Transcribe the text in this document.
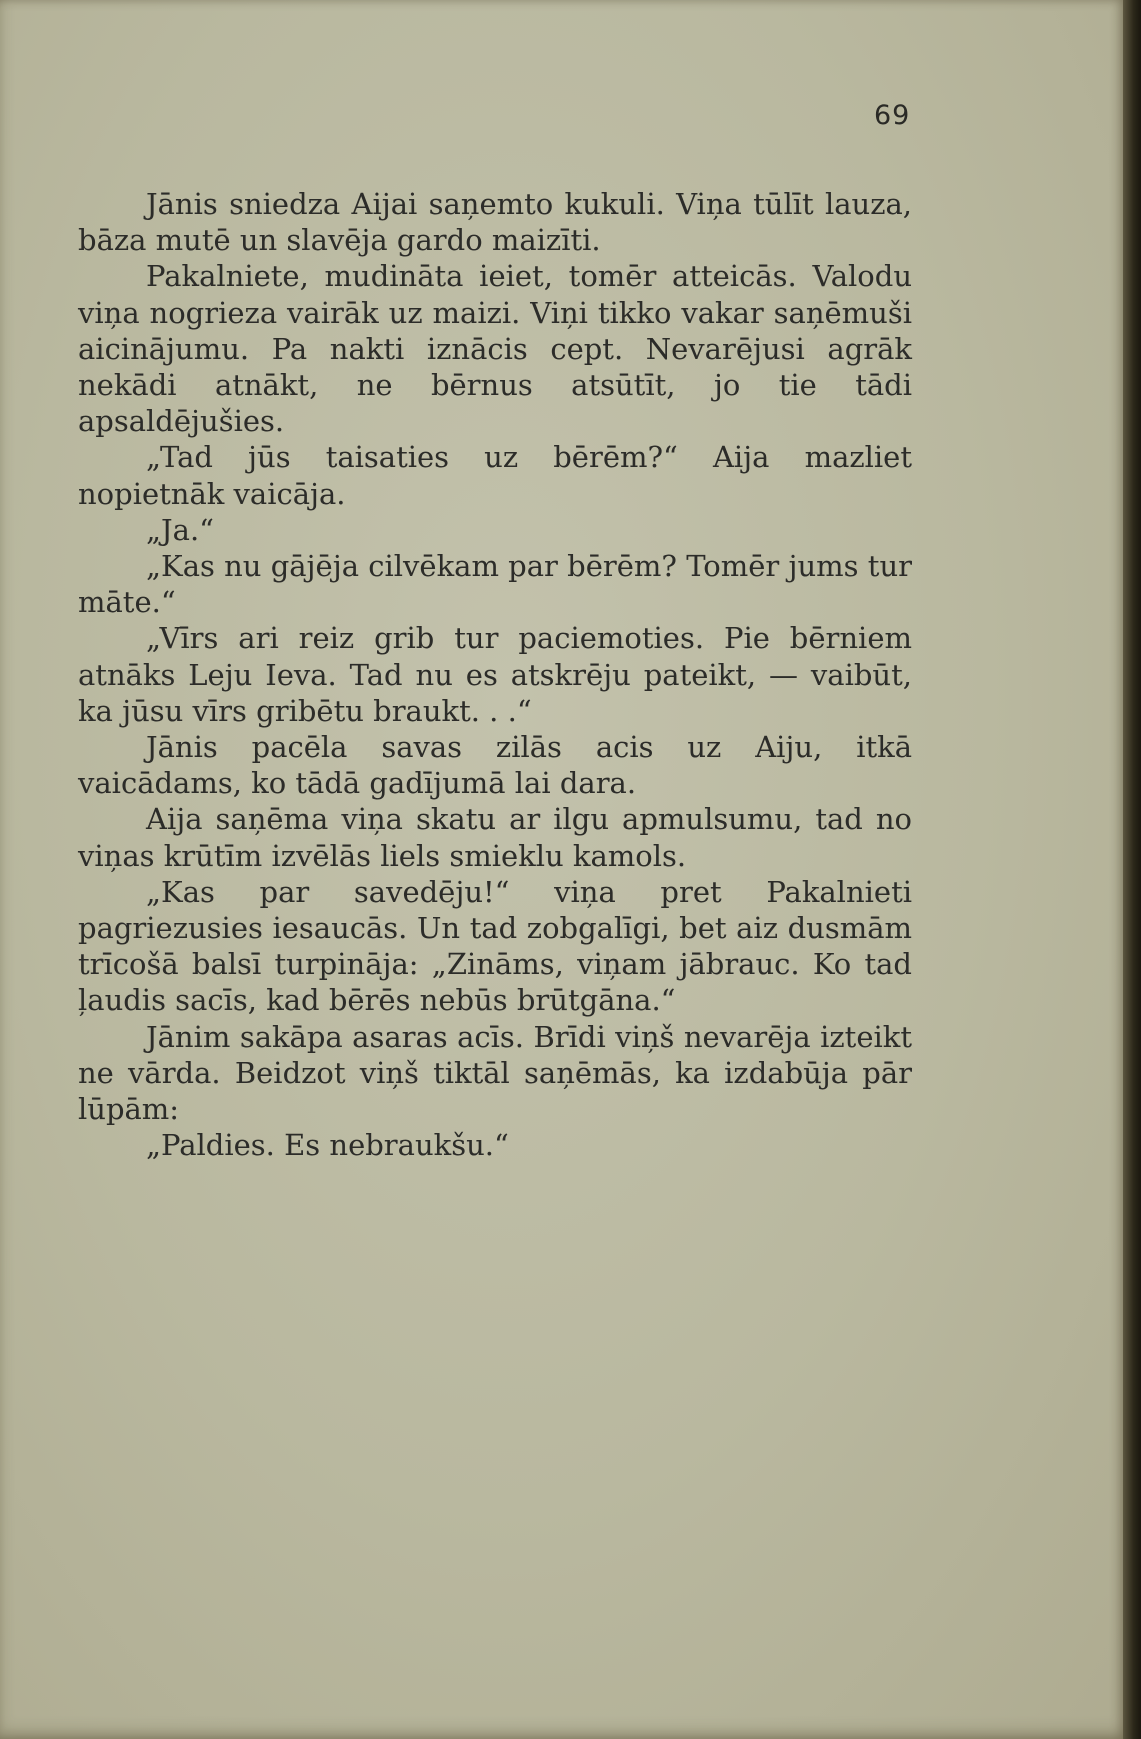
69

Jānis sniedza Aijai saņemto kukuli. Viņa tūlīt lauza, bāza mutē un slavēja gardo maizīti.

Pakalniete, mudināta ieiet, tomēr atteicās. Valodu viņa nogrieza vairāk uz maizi. Viņi tikko vakar saņēmuši aicinājumu. Pa nakti iznācis cept. Nevarējusi agrāk nekādi atnākt, ne bērnus atsūtīt, jo tie tādi apsaldējušies.

„Tad jūs taisaties uz bērēm?“ Aija mazliet nopietnāk vaicāja.

„Ja.“

„Kas nu gājēja cilvēkam par bērēm? Tomēr jums tur māte.“

„Vīrs ari reiz grib tur paciemoties. Pie bērniem atnāks Leju Ieva. Tad nu es atskrēju pateikt, — vaibūt, ka jūsu vīrs gribētu braukt. . .“

Jānis pacēla savas zilās acis uz Aiju, itkā vaicādams, ko tādā gadījumā lai dara.

Aija saņēma viņa skatu ar ilgu apmulsumu, tad no viņas krūtīm izvēlās liels smieklu kamols.

„Kas par savedēju!“ viņa pret Pakalnieti pagriezusies iesaucās. Un tad zobgalīgi, bet aiz dusmām trīcošā balsī turpināja: „Zināms, viņam jābrauc. Ko tad ļaudis sacīs, kad bērēs nebūs brūtgāna.“

Jānim sakāpa asaras acīs. Brīdi viņš nevarēja izteikt ne vārda. Beidzot viņš tiktāl saņēmās, ka izdabūja pār lūpām:

„Paldies. Es nebraukšu.“
